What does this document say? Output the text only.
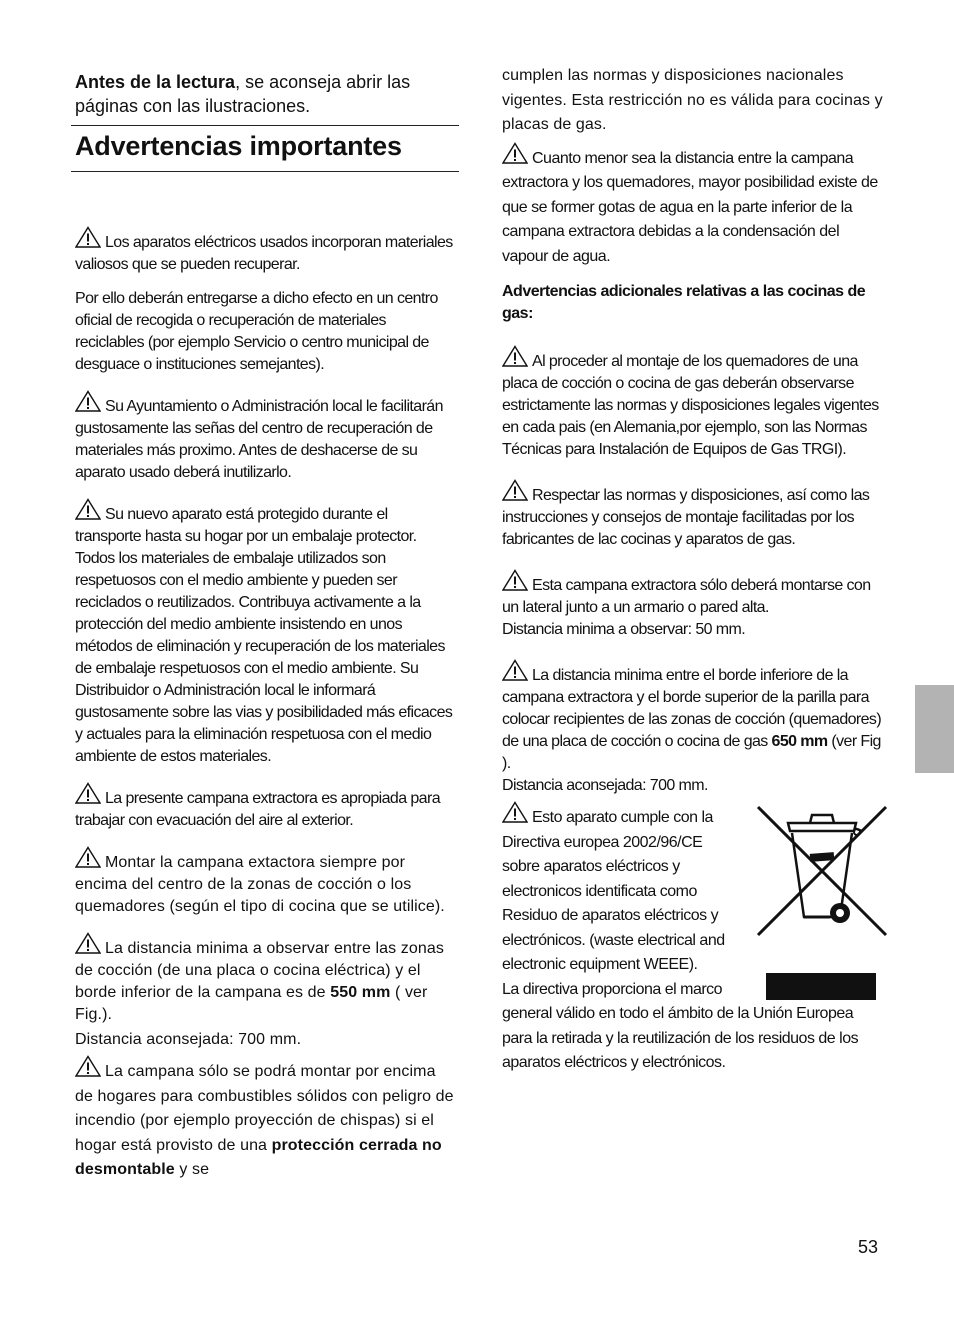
Antes de la lectura, se aconseja abrir las páginas con las ilustraciones.

Advertencias importantes

Los aparatos eléctricos usados incorporan materiales valiosos que se pueden recuperar.

Por ello deberán entregarse a dicho efecto en un centro oficial de recogida o recuperación de materiales reciclables (por ejemplo Servicio o centro municipal de desguace o instituciones semejantes).

Su Ayuntamiento o Administración local le facilitarán gustosamente las señas del centro de recuperación de materiales más proximo. Antes de deshacerse de su aparato usado deberá inutilizarlo.

Su nuevo aparato está protegido durante el transporte hasta su hogar por un embalaje protector. Todos los materiales de embalaje utilizados son respetuosos con el medio ambiente y pueden ser reciclados o reutilizados. Contribuya activamente a la protección del medio ambiente insistendo en unos métodos de eliminación y recuperación de los materiales de embalaje respetuosos con el medio ambiente. Su Distribuidor o Administración local le informará gustosamente sobre las vias y posibilidaded más eficaces y actuales para la eliminación respetuosa con el medio ambiente de estos materiales.

La presente campana extractora es apropiada para trabajar con evacuación del aire al exterior.

Montar la campana extactora siempre por encima del centro de la zonas de cocción o los quemadores (según el tipo di cocina que se utilice).

La distancia minima a observar entre las zonas de cocción (de una placa o cocina eléctrica) y el borde inferior de la campana es de 550 mm ( ver Fig.).

Distancia aconsejada: 700 mm.

La campana sólo se podrá montar por encima de hogares para combustibles sólidos con peligro de incendio (por ejemplo proyección de chispas) si el hogar está provisto de una protección cerrada no desmontable y se

cumplen las normas y disposiciones nacionales vigentes. Esta restricción no es válida para cocinas y placas de gas.

Cuanto menor sea la distancia entre la campana extractora y los quemadores, mayor posibilidad existe de que se former gotas de agua en la parte inferior de la campana extractora debidas a la condensación del vapour de agua.

Advertencias adicionales relativas a las cocinas de gas:

Al proceder al montaje de los quemadores de una placa de cocción o cocina de gas deberán observarse estrictamente las normas y disposiciones legales vigentes en cada pais (en Alemania,por ejemplo, son las Normas Técnicas para Instalación de Equipos de Gas TRGI).

Respectar las normas y disposiciones, así como las instrucciones y consejos de montaje facilitadas por los fabricantes de lac cocinas y aparatos de gas.

Esta campana extractora sólo deberá montarse con un lateral junto a un armario o pared alta.

Distancia minima a observar: 50 mm.

La distancia minima entre el borde inferiore de la campana extractora y el borde superior de la parilla para colocar recipientes de las zonas de cocción (quemadores) de una placa de cocción o cocina de gas 650 mm (ver Fig ).

Distancia aconsejada: 700 mm.

Esto aparato cumple con la Directiva europea 2002/96/CE sobre aparatos eléctricos y electronicos identificata como Residuo de aparatos eléctricos y electrónicos. (waste electrical and electronic equipment WEEE).

La directiva proporciona el marco

general válido en todo el ámbito de la Unión Europea para la retirada y la reutilización de los residuos de los aparatos eléctricos y electrónicos.

53
